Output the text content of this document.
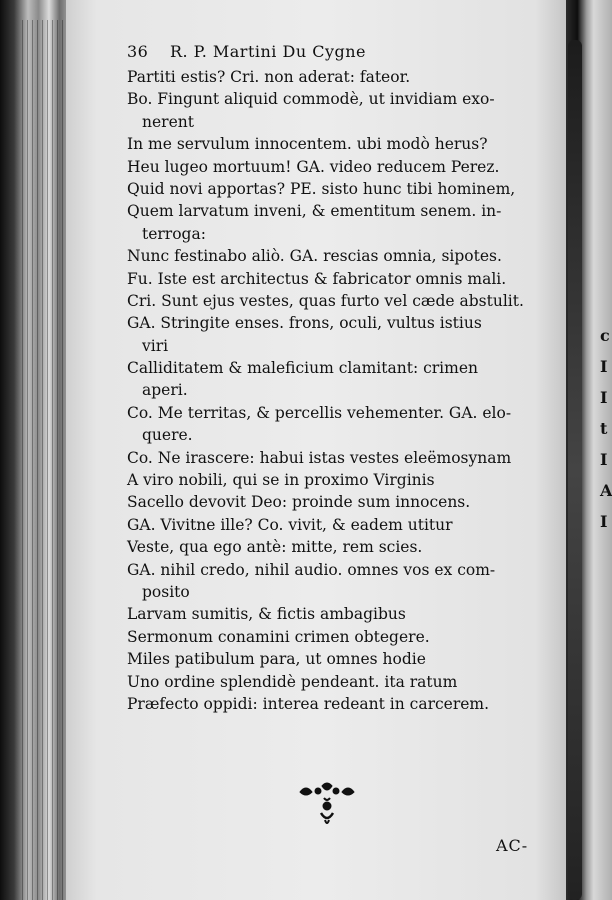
c
I
I
t
I
A
I
36 R. P. Martini Du Cygne
Partiti estis? Cri. non aderat: fateor.
Bo. Fingunt aliquid commodè, ut invidiam exo-
nerent
In me servulum innocentem. ubi modò herus?
Heu lugeo mortuum! GA. video reducem Perez.
Quid novi apportas? PE. sisto hunc tibi hominem,
Quem larvatum inveni, & ementitum senem. in-
terroga:
Nunc festinabo aliò. GA. rescias omnia, sipotes.
Fu. Iste est architectus & fabricator omnis mali.
Cri. Sunt ejus vestes, quas furto vel cæde abstulit.
GA. Stringite enses. frons, oculi, vultus istius
viri
Calliditatem & maleficium clamitant: crimen
aperi.
Co. Me territas, & percellis vehementer. GA. elo-
quere.
Co. Ne irascere: habui istas vestes eleëmosynam
A viro nobili, qui se in proximo Virginis
Sacello devovit Deo: proinde sum innocens.
GA. Vivitne ille? Co. vivit, & eadem utitur
Veste, qua ego antè: mitte, rem scies.
GA. nihil credo, nihil audio. omnes vos ex com-
posito
Larvam sumitis, & fictis ambagibus
Sermonum conamini crimen obtegere.
Miles patibulum para, ut omnes hodie
Uno ordine splendidè pendeant. ita ratum
Præfecto oppidi: interea redeant in carcerem.
AC-
